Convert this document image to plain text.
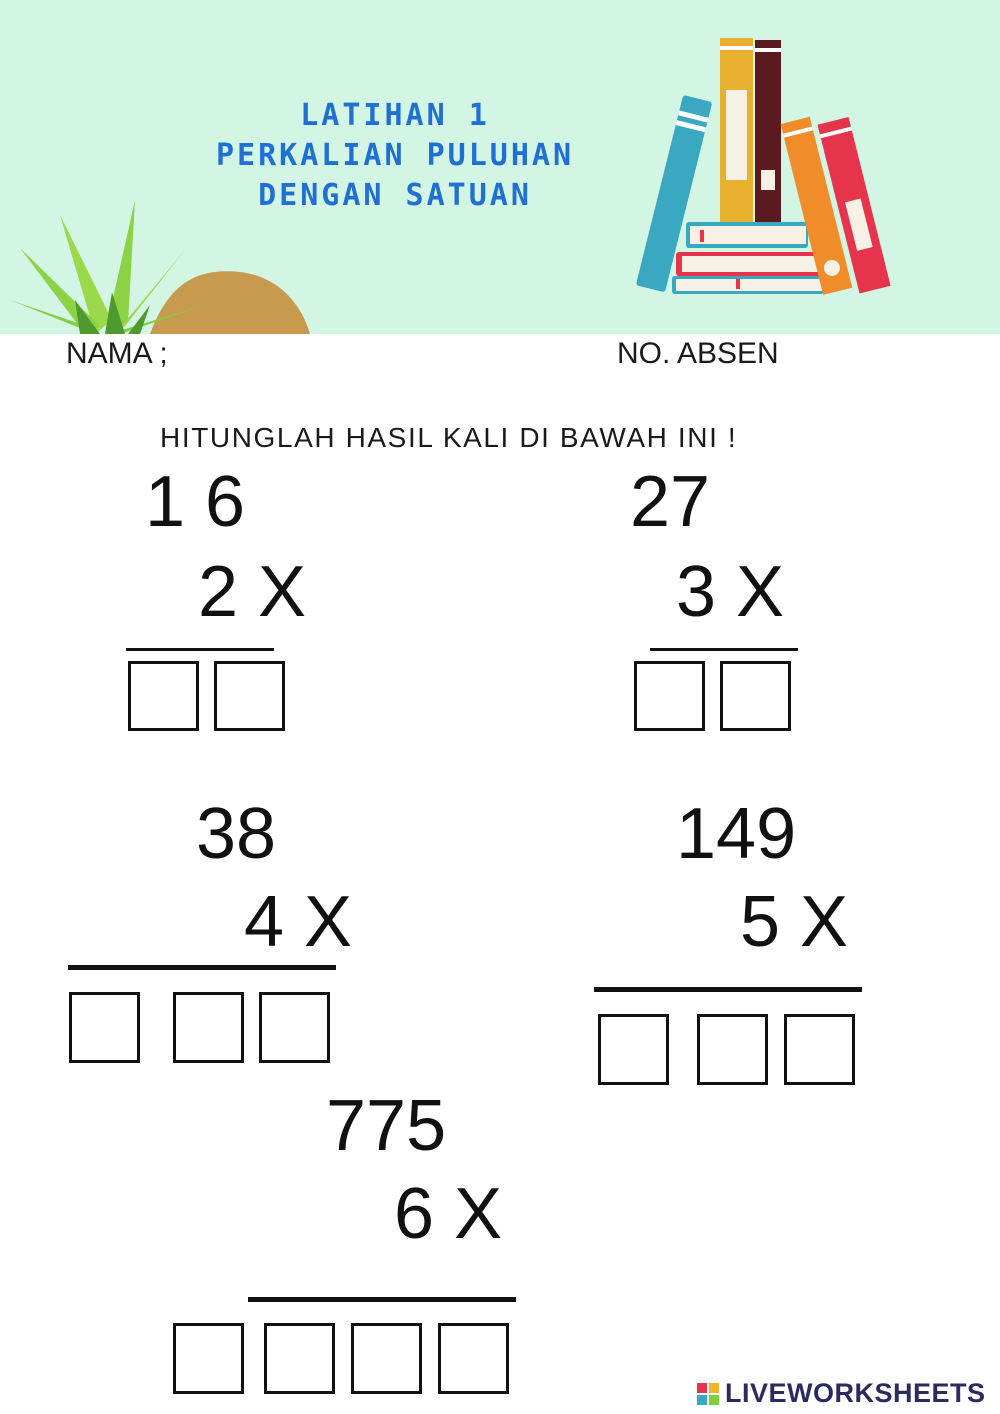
LATIHAN 1
PERKALIAN PULUHAN
DENGAN SATUAN
NAMA ;	NO. ABSEN
HITUNGLAH HASIL KALI DI BAWAH INI !
1 6
2 X
27
3 X
38
4 X
149
5 X
775
6 X
LIVEWORKSHEETS
